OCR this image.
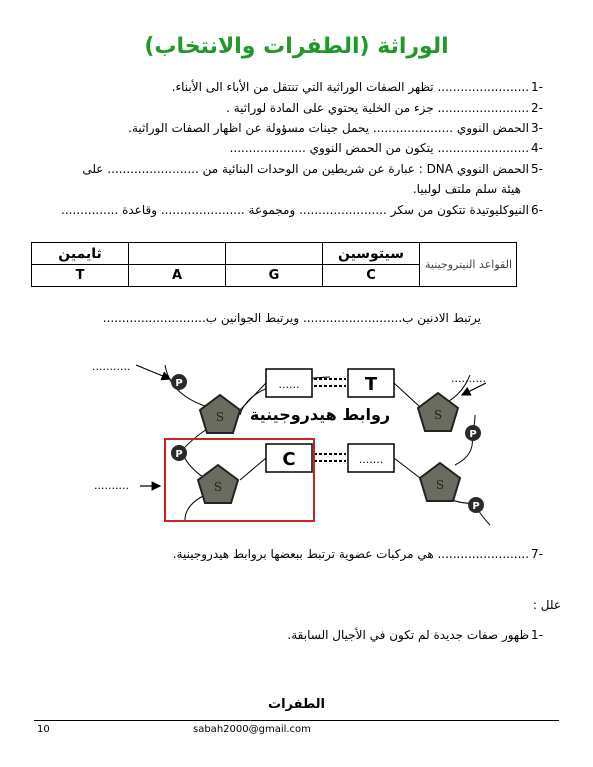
الوراثة (الطفرات والانتخاب)
-1........................ تظهر الصفات الوراثية التي تنتقل من الأباء الى الأبناء.
-2........................ جزء من الخلية يحتوي على المادة لوراثية .
-3الحمض النووي ..................... يحمل جينات مسؤولة عن اظهار الصفات الوراثية.
-4........................ يتكون من الحمض النووي ....................
-5الحمض النووي DNA : عبارة عن شريطين من الوحدات البنائية من ........................ على
هيئة سلم ملتف لولبيا.
-6النيوكليوتيدة تتكون من سكر ....................... ومجموعة ...................... وقاعدة ...............
القواعد النيتروجينية	سيتوسين			ثايمين
	C	G	A	T
يرتبط الادنين ب.......................... ويرتبط الجوانين ب...........................
S	S
S	S
P
P
P
P
......	T
روابط هيدروجينية
C	.......
...........
..........
..........
-7........................ هي مركبات عضوية ترتبط ببعضها بروابط هيدروجينية.
علل :
-1ظهور صفات جديدة لم تكون في الأجيال السابقة.
الطفرات
10	sabah2000@gmail.com
